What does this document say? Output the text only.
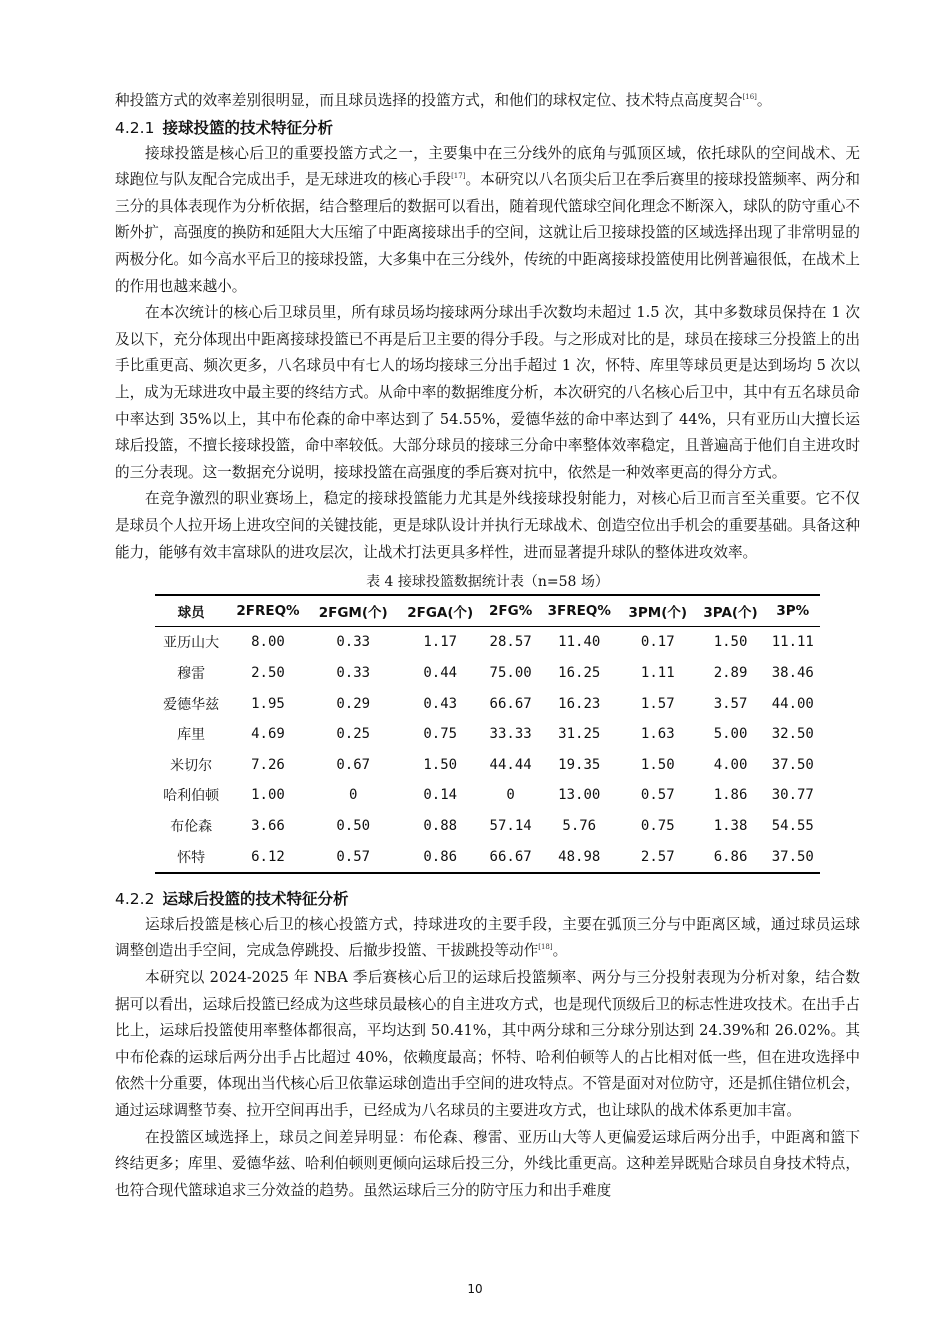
种投篮方式的效率差别很明显，而且球员选择的投篮方式，和他们的球权定位、技术特点高度契合[16]。

4.2.1 接球投篮的技术特征分析

接球投篮是核心后卫的重要投篮方式之一，主要集中在三分线外的底角与弧顶区域，依托球队的空间战术、无球跑位与队友配合完成出手，是无球进攻的核心手段[17]。本研究以八名顶尖后卫在季后赛里的接球投篮频率、两分和三分的具体表现作为分析依据，结合整理后的数据可以看出，随着现代篮球空间化理念不断深入，球队的防守重心不断外扩，高强度的换防和延阻大大压缩了中距离接球出手的空间，这就让后卫接球投篮的区域选择出现了非常明显的两极分化。如今高水平后卫的接球投篮，大多集中在三分线外，传统的中距离接球投篮使用比例普遍很低，在战术上的作用也越来越小。

在本次统计的核心后卫球员里，所有球员场均接球两分球出手次数均未超过 1.5 次，其中多数球员保持在 1 次及以下，充分体现出中距离接球投篮已不再是后卫主要的得分手段。与之形成对比的是，球员在接球三分投篮上的出手比重更高、频次更多，八名球员中有七人的场均接球三分出手超过 1 次，怀特、库里等球员更是达到场均 5 次以上，成为无球进攻中最主要的终结方式。从命中率的数据维度分析，本次研究的八名核心后卫中，其中有五名球员命中率达到 35%以上，其中布伦森的命中率达到了 54.55%，爱德华兹的命中率达到了 44%，只有亚历山大擅长运球后投篮，不擅长接球投篮，命中率较低。大部分球员的接球三分命中率整体效率稳定，且普遍高于他们自主进攻时的三分表现。这一数据充分说明，接球投篮在高强度的季后赛对抗中，依然是一种效率更高的得分方式。

在竞争激烈的职业赛场上，稳定的接球投篮能力尤其是外线接球投射能力，对核心后卫而言至关重要。它不仅是球员个人拉开场上进攻空间的关键技能，更是球队设计并执行无球战术、创造空位出手机会的重要基础。具备这种能力，能够有效丰富球队的进攻层次，让战术打法更具多样性，进而显著提升球队的整体进攻效率。

表 4 接球投篮数据统计表（n=58 场）
球员	2FREQ%	2FGM(个)	2FGA(个)	2FG%	3FREQ%	3PM(个)	3PA(个)	3P%
亚历山大	8.00	0.33	1.17	28.57	11.40	0.17	1.50	11.11
穆雷	2.50	0.33	0.44	75.00	16.25	1.11	2.89	38.46
爱德华兹	1.95	0.29	0.43	66.67	16.23	1.57	3.57	44.00
库里	4.69	0.25	0.75	33.33	31.25	1.63	5.00	32.50
米切尔	7.26	0.67	1.50	44.44	19.35	1.50	4.00	37.50
哈利伯顿	1.00	0	0.14	0	13.00	0.57	1.86	30.77
布伦森	3.66	0.50	0.88	57.14	5.76	0.75	1.38	54.55
怀特	6.12	0.57	0.86	66.67	48.98	2.57	6.86	37.50
4.2.2 运球后投篮的技术特征分析

运球后投篮是核心后卫的核心投篮方式，持球进攻的主要手段，主要在弧顶三分与中距离区域，通过球员运球调整创造出手空间，完成急停跳投、后撤步投篮、干拔跳投等动作[18]。

本研究以 2024-2025 年 NBA 季后赛核心后卫的运球后投篮频率、两分与三分投射表现为分析对象，结合数据可以看出，运球后投篮已经成为这些球员最核心的自主进攻方式，也是现代顶级后卫的标志性进攻技术。在出手占比上，运球后投篮使用率整体都很高，平均达到 50.41%，其中两分球和三分球分别达到 24.39%和 26.02%。其中布伦森的运球后两分出手占比超过 40%，依赖度最高；怀特、哈利伯顿等人的占比相对低一些，但在进攻选择中依然十分重要，体现出当代核心后卫依靠运球创造出手空间的进攻特点。不管是面对对位防守，还是抓住错位机会，通过运球调整节奏、拉开空间再出手，已经成为八名球员的主要进攻方式，也让球队的战术体系更加丰富。

在投篮区域选择上，球员之间差异明显：布伦森、穆雷、亚历山大等人更偏爱运球后两分出手，中距离和篮下终结更多；库里、爱德华兹、哈利伯顿则更倾向运球后投三分，外线比重更高。这种差异既贴合球员自身技术特点，也符合现代篮球追求三分效益的趋势。虽然运球后三分的防守压力和出手难度

10
